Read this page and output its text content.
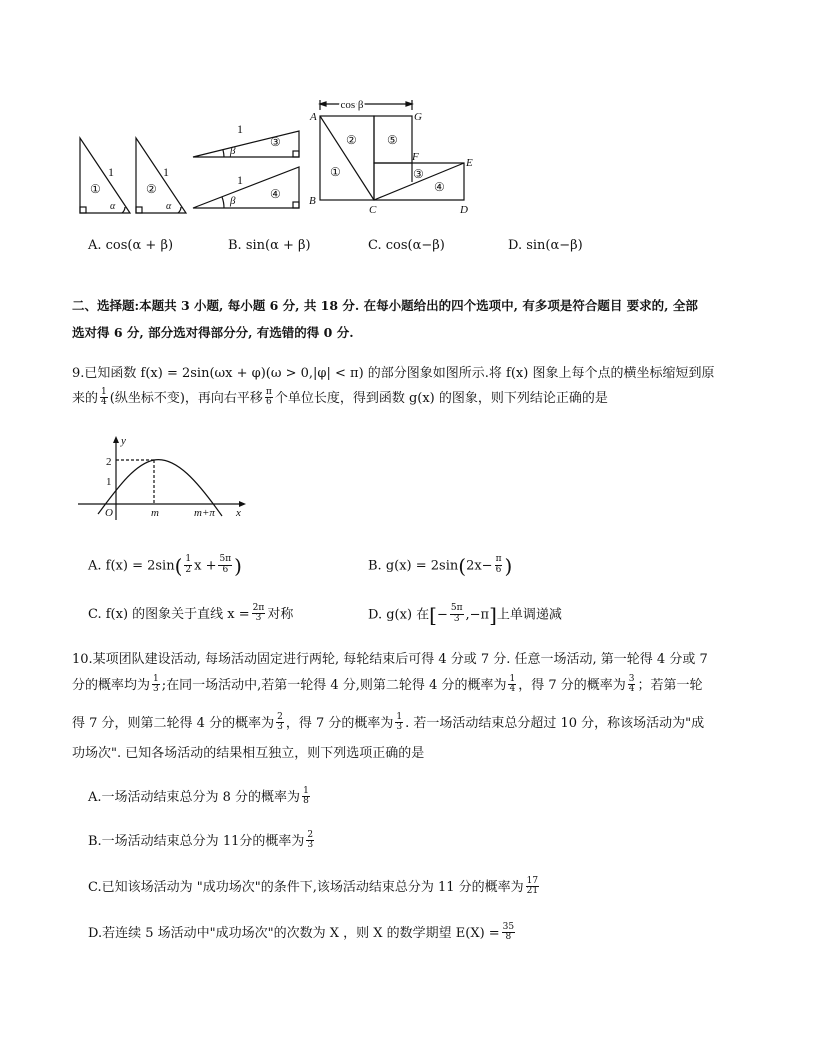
①
1
α
②
1
α
1
③
β
1
④
β
cos β
A
B
C	D
E
F
G
①
②
③
④
⑤
A. cos(α + β)	B. sin(α + β)	C. cos(α−β)	D. sin(α−β)
二、选择题:本题共 3 小题, 每小题 6 分, 共 18 分. 在每小题给出的四个选项中, 有多项是符合题目 要求的, 全部
选对得 6 分, 部分选对得部分分, 有选错的得 0 分.
9.已知函数 f(x) = 2sin(ωx + φ)(ω > 0,|φ| < π) 的部分图象如图所示.将 f(x) 图象上每个点的横坐标缩短到原
来的 $\frac{1}{4}$ (纵坐标不变)，再向右平移 $\frac{\pi}{6}$ 个单位长度，得到函数 g(x) 的图象，则下列结论正确的是
y
x
O
2
1
m	m+π
A. $f(x) = 2\sin( \frac{1}{2}$ $x + \frac{5\pi}{6}$ )	B. $g(x) = 2\sin(2x- \frac{\pi}{6}$ )
C. f(x) 的图象关于直线 $x = \frac{2\pi}{3}$ 对称	D. g(x) 在[− $\frac{5\pi}{3} ,-\pi$]上单调递减
10.某项团队建设活动, 每场活动固定进行两轮, 每轮结束后可得 4 分或 7 分. 任意一场活动, 第一轮得 4 分或 7
分的概率均为 $\frac{1}{3}$ ;在同一场活动中,若第一轮得 4 分,则第二轮得 4 分的概率为 $\frac{1}{4}$ ，得 7 分的概率为 $\frac{3}{4}$ ；若第一轮
得 7 分，则第二轮得 4 分的概率为 $\frac{2}{3}$ ，得 7 分的概率为 $\frac{1}{3}$ . 若一场活动结束总分超过 10 分，称该场活动为"成
功场次". 已知各场活动的结果相互独立，则下列选项正确的是
A.一场活动结束总分为 8 分的概率为 $\frac{1}{8}$
B.一场活动结束总分为 11分的概率为 $\frac{2}{3}$
C.已知该场活动为 "成功场次"的条件下,该场活动结束总分为 11 分的概率为 $\frac{17}{21}$
D.若连续 5 场活动中"成功场次"的次数为 X ，则 X 的数学期望 $E(X) = \frac{35}{8}$
